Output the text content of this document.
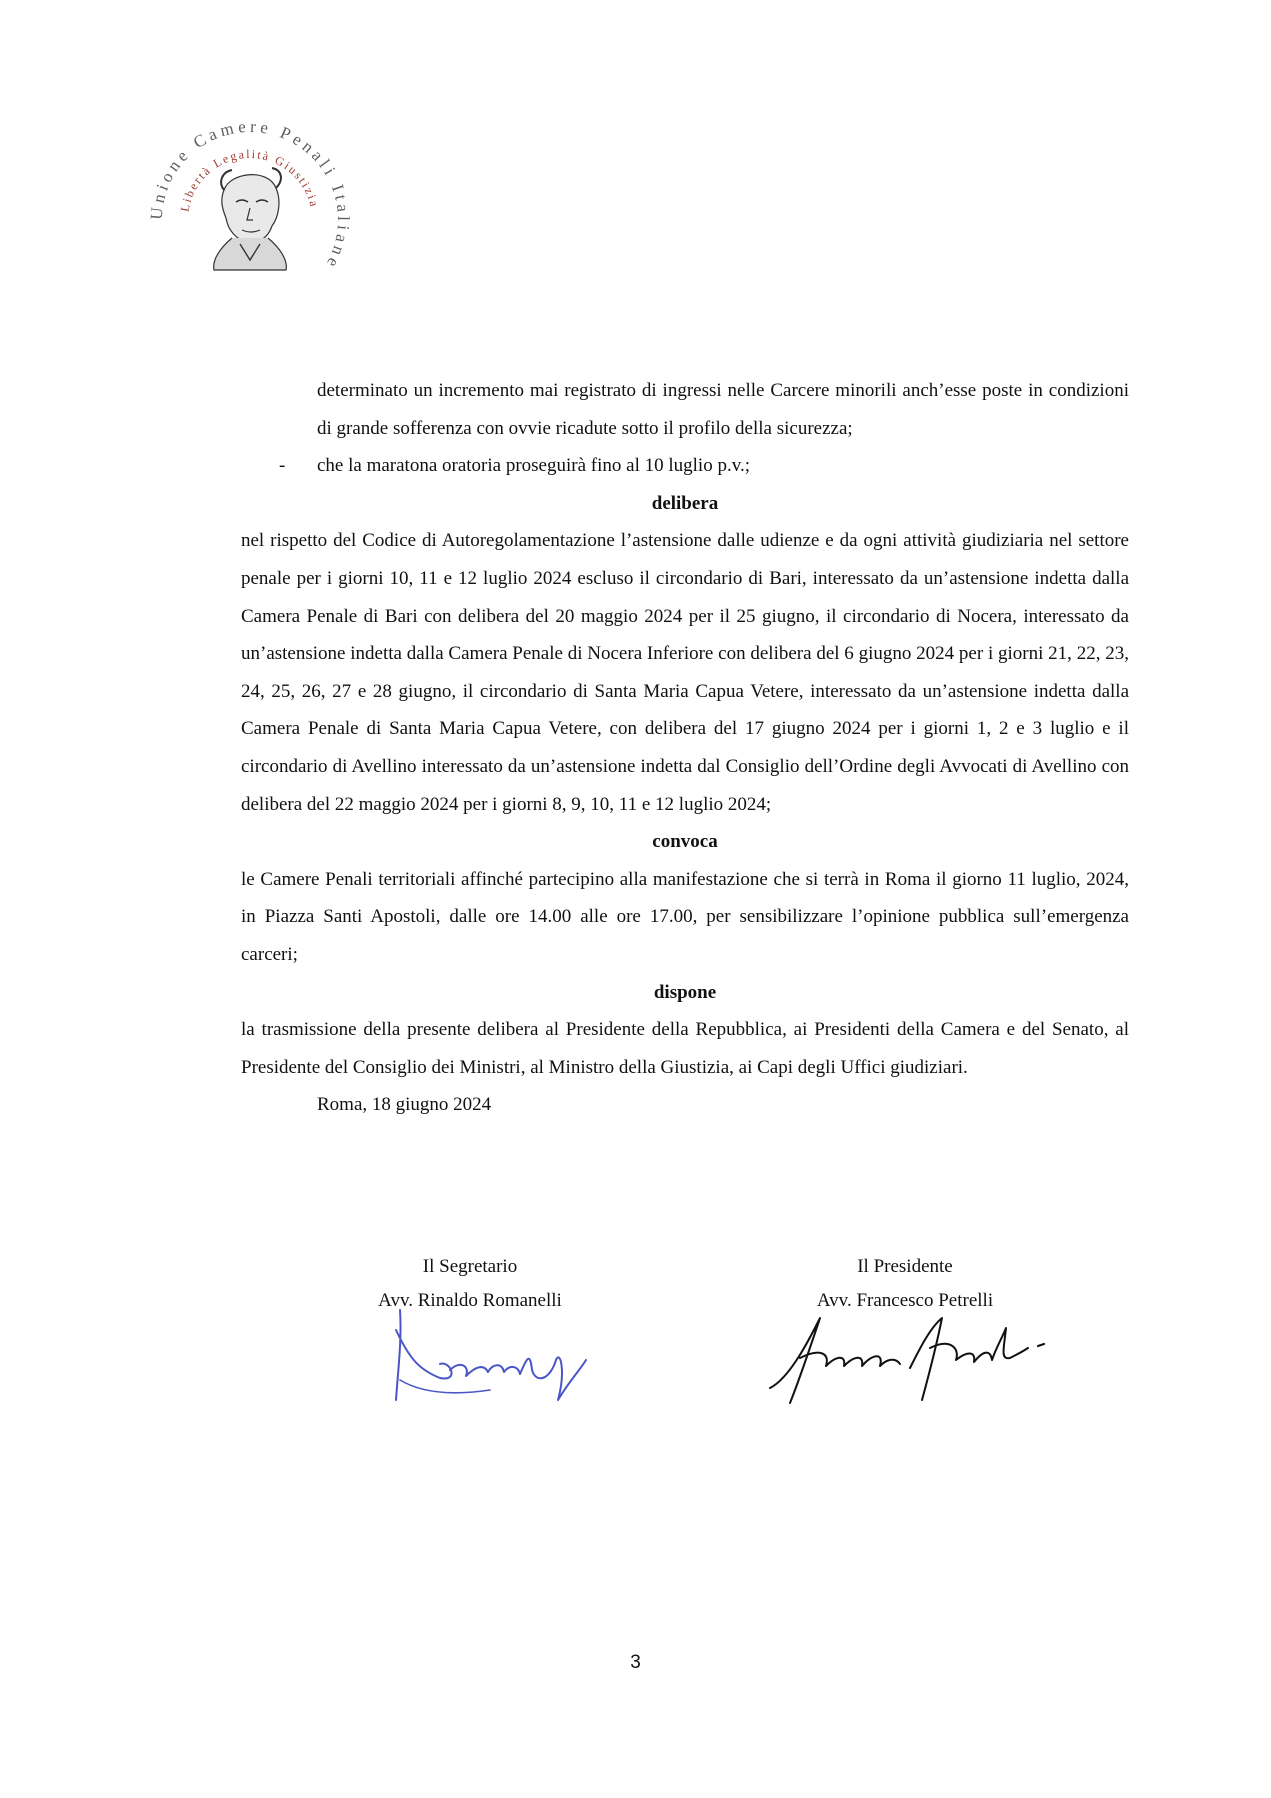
Unione Camere Penali Italiane
Libertà Legalità Giustizia
determinato un incremento mai registrato di ingressi nelle Carcere minorili anch’esse poste in condizioni di grande sofferenza con ovvie ricadute sotto il profilo della sicurezza;
- che la maratona oratoria proseguirà fino al 10 luglio p.v.;
delibera
nel rispetto del Codice di Autoregolamentazione l’astensione dalle udienze e da ogni attività giudiziaria nel settore penale per i giorni 10, 11 e 12 luglio 2024 escluso il circondario di Bari, interessato da un’astensione indetta dalla Camera Penale di Bari con delibera del 20 maggio 2024 per il 25 giugno, il circondario di Nocera, interessato da un’astensione indetta dalla Camera Penale di Nocera Inferiore con delibera del 6 giugno 2024 per i giorni 21, 22, 23, 24, 25, 26, 27 e 28 giugno, il circondario di Santa Maria Capua Vetere, interessato da un’astensione indetta dalla Camera Penale di Santa Maria Capua Vetere, con delibera del 17 giugno 2024 per i giorni 1, 2 e 3 luglio e il circondario di Avellino interessato da un’astensione indetta dal Consiglio dell’Ordine degli Avvocati di Avellino con delibera del 22 maggio 2024 per i giorni 8, 9, 10, 11 e 12 luglio 2024;
convoca
le Camere Penali territoriali affinché partecipino alla manifestazione che si terrà in Roma il giorno 11 luglio, 2024, in Piazza Santi Apostoli, dalle ore 14.00 alle ore 17.00, per sensibilizzare l’opinione pubblica sull’emergenza carceri;
dispone
la trasmissione della presente delibera al Presidente della Repubblica, ai Presidenti della Camera e del Senato, al Presidente del Consiglio dei Ministri, al Ministro della Giustizia, ai Capi degli Uffici giudiziari.
Roma, 18 giugno 2024
Il Segretario
Avv. Rinaldo Romanelli
Il Presidente
Avv. Francesco Petrelli
3
